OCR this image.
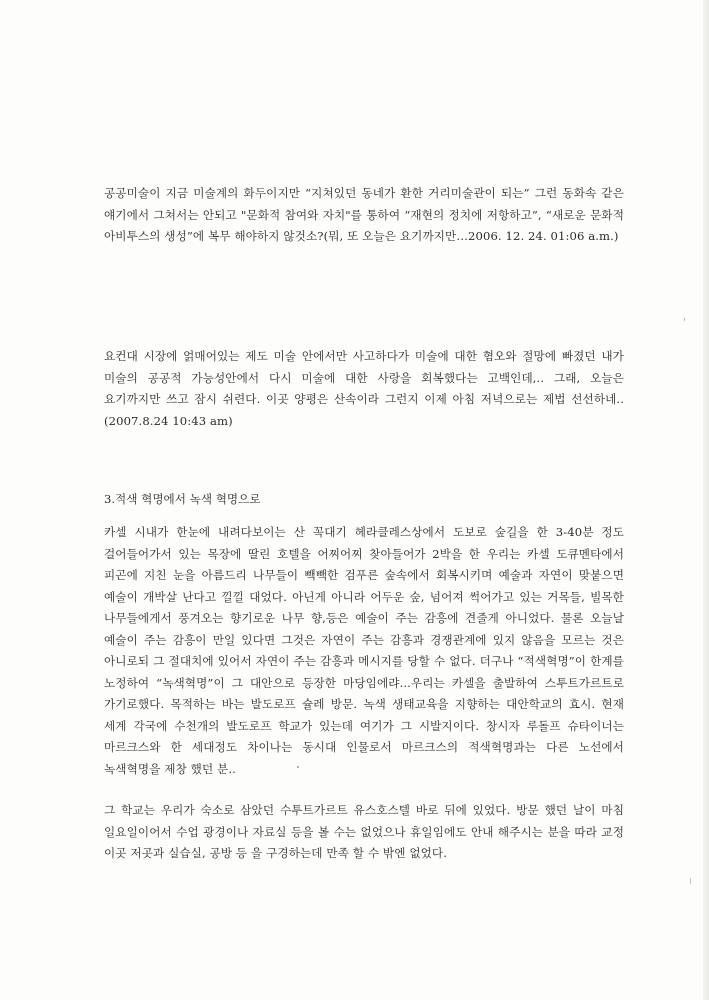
공공미술이 지금 미술계의 화두이지만 “지쳐있던 동네가 환한 거리미술관이 되는” 그런 동화속 같은 얘기에서 그쳐서는 안되고 "문화적 참여와 자치"를 통하여 “재현의 정치에 저항하고”, “새로운 문화적 아비투스의 생성”에 복무 해야하지 않것소?(뭐, 또 오늘은 요기까지만…2006. 12. 24. 01:06 a.m.)

요컨대 시장에 얽매어있는 제도 미술 안에서만 사고하다가 미술에 대한 혐오와 절망에 빠졌던 내가 미술의 공공적 가능성안에서 다시 미술에 대한 사랑을 회복했다는 고백인데,.. 그래, 오늘은 요기까지만 쓰고 잠시 쉬련다. 이곳 양평은 산속이라 그런지 이제 아침 저녁으로는 제법 선선하네.. (2007.8.24 10:43 am)

3.적색 혁명에서 녹색 혁명으로

카셀 시내가 한눈에 내려다보이는 산 꼭대기 헤라클레스상에서 도보로 숲길을 한 3-40분 정도 걸어들어가서 있는 목장에 딸린 호텔을 어찌어찌 찾아들어가 2박을 한 우리는 카셀 도큐멘타에서 피곤에 지친 눈을 아름드리 나무들이 빽빽한 검푸른 숲속에서 회복시키며 예술과 자연이 맞붙으면 예술이 개박살 난다고 낄낄 대었다. 아닌게 아니라 어두운 숲, 넘어져 썩어가고 있는 거목들, 빌목한 나무들에게서 풍겨오는 향기로운 나무 향,등은 예술이 주는 감흥에 견줄게 아니었다. 물론 오늘날 예술이 주는 감흥이 만일 있다면 그것은 자연이 주는 감흥과 경쟁관계에 있지 않음을 모르는 것은 아니로되 그 절대치에 있어서 자연이 주는 감흥과 메시지를 당할 수 없다. 더구나 “적색혁명”이 한계를 노정하여 “녹색혁명”이 그 대안으로 등장한 마당임에랴...우리는 카셀을 출발하여 스투트가르트로 가기로했다. 목적하는 바는 발도로프 슐레 방문. 녹색 생태교육을 지향하는 대안학교의 효시. 현재 세계 각국에 수천개의 발도로프 학교가 있는데 여기가 그 시발지이다. 창시자 루돌프 슈타이너는 마르크스와 한 세대정도 차이나는 동시대 인물로서 마르크스의 적색혁명과는 다른 노선에서 녹색혁명을 제창 했던 분..

그 학교는 우리가 숙소로 삼았던 수투트가르트 유스호스텔 바로 뒤에 있었다. 방문 했던 날이 마침 일요일이어서 수업 광경이나 자료실 등을 볼 수는 없었으나 휴일임에도 안내 해주시는 분을 따라 교정 이곳 저곳과 실습실, 공방 등 을 구경하는데 만족 할 수 밖엔 없었다.
